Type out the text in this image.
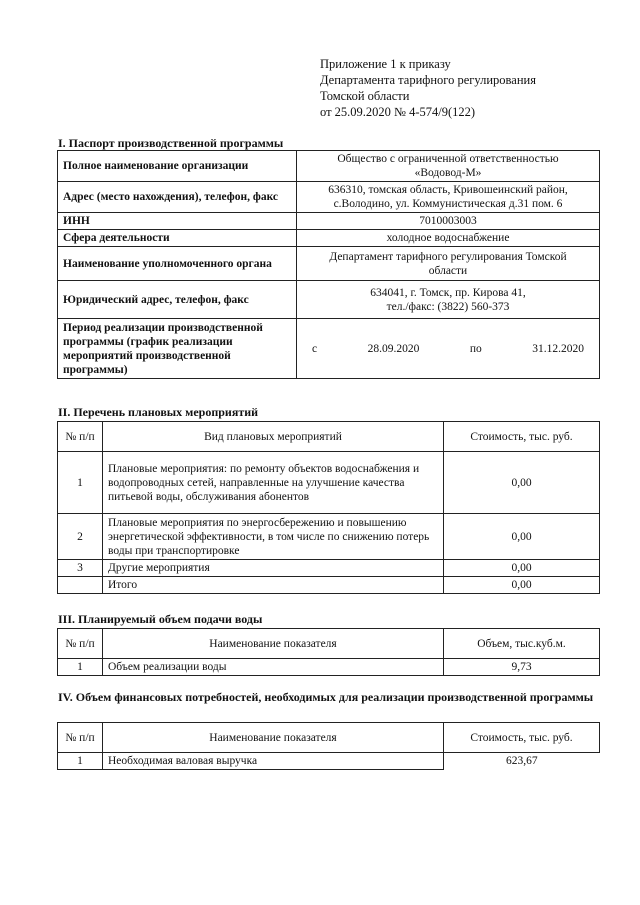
Приложение 1 к приказу
Департамента тарифного регулирования
Томской области
от 25.09.2020 № 4-574/9(122)
I. Паспорт производственной программы
Полное наименование организации	Общество с ограниченной ответственностью
«Водовод-М»

Адрес (место нахождения), телефон, факс	636310, томская область, Кривошеинский район,
с.Володино, ул. Коммунистическая д.31 пом. 6

ИНН	7010003003
Сфера деятельности	холодное водоснабжение
Наименование уполномоченного органа	Департамент тарифного регулирования Томской
области

Юридический адрес, телефон, факс	634041, г. Томск, пр. Кирова 41,
тел./факс: (3822) 560-373

Период реализации производственной программы (график реализации мероприятий производственной программы)	с 28.09.2020 по 31.12.2020
II. Перечень плановых мероприятий
№ п/п	Вид плановых мероприятий	Стоимость, тыс. руб.
1	Плановые мероприятия: по ремонту объектов водоснабжения и водопроводных сетей, направленные на улучшение качества питьевой воды, обслуживания абонентов	0,00
2	Плановые мероприятия по энергосбережению и повышению энергетической эффективности, в том числе по снижению потерь воды при транспортировке	0,00
3	Другие мероприятия	0,00
	Итого	0,00
III. Планируемый объем подачи воды
№ п/п	Наименование показателя	Объем, тыс.куб.м.
1	Объем реализации воды	9,73
IV. Объем финансовых потребностей, необходимых для реализации производственной программы
№ п/п	Наименование показателя	Стоимость, тыс. руб.
1	Необходимая валовая выручка	623,67
